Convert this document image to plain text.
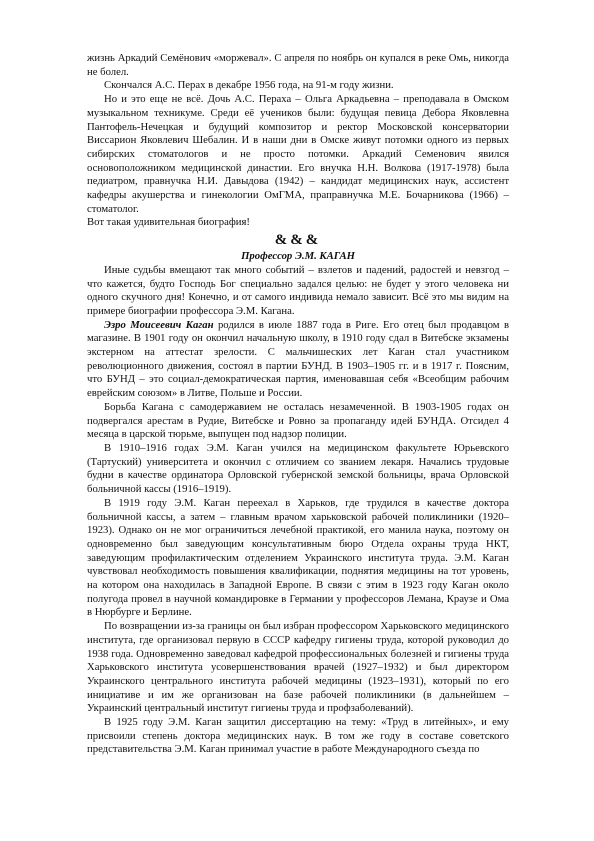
жизнь Аркадий Семёнович «моржевал». С апреля по ноябрь он купался в реке Омь, никогда не болел.

Скончался А.С. Перах в декабре 1956 года, на 91-м году жизни.

Но и это еще не всё. Дочь А.С. Пераха – Ольга Аркадьевна – преподавала в Омском музыкальном техникуме. Среди её учеников были: будущая певица Дебора Яковлевна Пантофель-Нечецкая и будущий композитор и ректор Московской консерватории Виссарион Яковлевич Шебалин. И в наши дни в Омске живут потомки одного из первых сибирских стоматологов и не просто потомки. Аркадий Семенович явился основоположником медицинской династии. Его внучка Н.Н. Волкова (1917-1978) была педиатром, правнучка Н.И. Давыдова (1942) – кандидат медицинских наук, ассистент кафедры акушерства и гинекологии ОмГМА, праправнучка М.Е. Бочарникова (1966) – стоматолог.

Вот такая удивительная биография!

&&&

Профессор Э.М. КАГАН

Иные судьбы вмещают так много событий – взлетов и падений, радостей и невзгод – что кажется, будто Господь Бог специально задался целью: не будет у этого человека ни одного скучного дня! Конечно, и от самого индивида немало зависит. Всё это мы видим на примере биографии профессора Э.М. Кагана.

Эзро Моисеевич Каган родился в июле 1887 года в Риге. Его отец был продавцом в магазине. В 1901 году он окончил начальную школу, в 1910 году сдал в Витебске экзамены экстерном на аттестат зрелости. С мальчишеских лет Каган стал участником революционного движения, состоял в партии БУНД. В 1903–1905 гг. и в 1917 г. Поясним, что БУНД – это социал-демократическая партия, именовавшая себя «Всеобщим рабочим еврейским союзом» в Литве, Польше и России.

Борьба Кагана с самодержавием не осталась незамеченной. В 1903-1905 годах он подвергался арестам в Рудие, Витебске и Ровно за пропаганду идей БУНДА. Отсидел 4 месяца в царской тюрьме, выпущен под надзор полиции.

В 1910–1916 годах Э.М. Каган учился на медицинском факультете Юрьевского (Тартуский) университета и окончил с отличием со званием лекаря. Начались трудовые будни в качестве ординатора Орловской губернской земской больницы, врача Орловской больничной кассы (1916–1919).

В 1919 году Э.М. Каган переехал в Харьков, где трудился в качестве доктора больничной кассы, а затем – главным врачом харьковской рабочей поликлиники (1920–1923). Однако он не мог ограничиться лечебной практикой, его манила наука, поэтому он одновременно был заведующим консультативным бюро Отдела охраны труда НКТ, заведующим профилактическим отделением Украинского института труда. Э.М. Каган чувствовал необходимость повышения квалификации, поднятия медицины на тот уровень, на котором она находилась в Западной Европе. В связи с этим в 1923 году Каган около полугода провел в научной командировке в Германии у профессоров Лемана, Краузе и Ома в Нюрбурге и Берлине.

По возвращении из-за границы он был избран профессором Харьковского медицинского института, где организовал первую в СССР кафедру гигиены труда, которой руководил до 1938 года. Одновременно заведовал кафедрой профессиональных болезней и гигиены труда Харьковского института усовершенствования врачей (1927–1932) и был директором Украинского центрального института рабочей медицины (1923–1931), который по его инициативе и им же организован на базе рабочей поликлиники (в дальнейшем – Украинский центральный институт гигиены труда и профзаболеваний).

В 1925 году Э.М. Каган защитил диссертацию на тему: «Труд в литейных», и ему присвоили степень доктора медицинских наук. В том же году в составе советского представительства Э.М. Каган принимал участие в работе Международного съезда по
